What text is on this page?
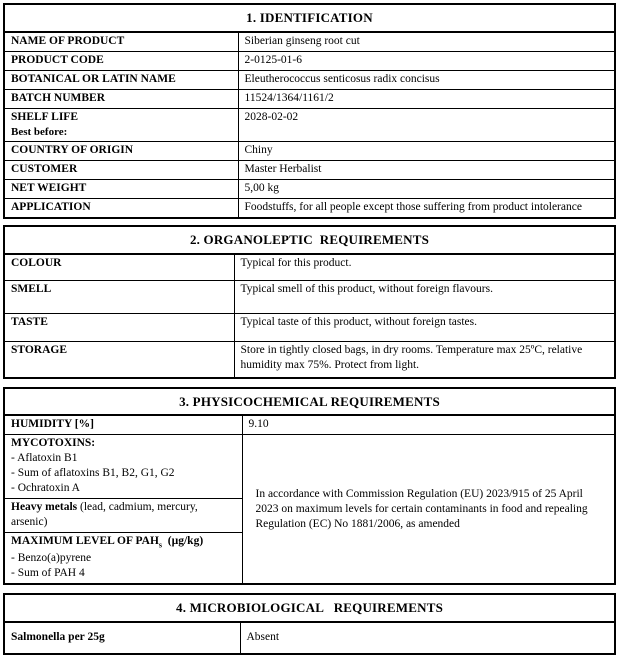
1. IDENTIFICATION	
NAME OF PRODUCT	Siberian ginseng root cut
PRODUCT CODE	2-0125-01-6
BOTANICAL OR LATIN NAME	Eleutherococcus senticosus radix concisus
BATCH NUMBER	11524/1364/1161/2

SHELF LIFE
Best before:	2028-02-02
COUNTRY OF ORIGIN	Chiny
CUSTOMER	Master Herbalist
NET WEIGHT	5,00 kg
APPLICATION	Foodstuffs, for all people except those suffering from product intolerance
2. ORGANOLEPTIC  REQUIREMENTS	
COLOUR	Typical for this product.
SMELL	Typical smell of this product, without foreign flavours.
TASTE	Typical taste of this product, without foreign tastes.
STORAGE	Store in tightly closed bags, in dry rooms. Temperature max 25ºC, relative humidity max 75%. Protect from light.
3. PHYSICOCHEMICAL REQUIREMENTS	
HUMIDITY [%]	9.10

MYCOTOXINS:
- Aflatoxin B1
- Sum of aflatoxins B1, B2, G1, G2
- Ochratoxin A	In accordance with Commission Regulation (EU) 2023/915 of 25 April 2023 on maximum levels for certain contaminants in food and repealing Regulation (EC) No 1881/2006, as amended

Heavy metals (lead, cadmium, mercury, arsenic)	

MAXIMUM LEVEL OF $PAH_s$  (µg/kg)
- Benzo(a)pyrene
- Sum of PAH 4	
4. MICROBIOLOGICAL   REQUIREMENTS
Salmonella per 25g	Absent
